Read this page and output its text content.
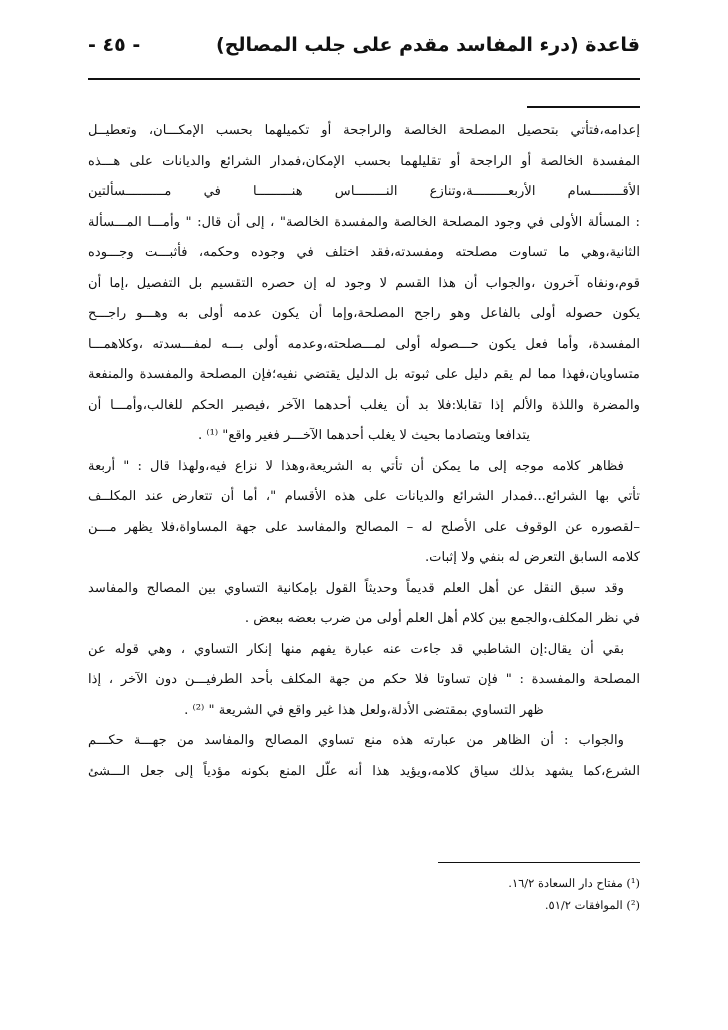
قاعدة (درء المفاسد مقدم على جلب المصالح)
- ٤٥ -
إعدامه،فتأتي بتحصيل المصلحة الخالصة والراجحة أو تكميلهما بحسب الإمكـــان، وتعطيــل
المفسدة الخالصة أو الراجحة أو تقليلهما بحسب الإمكان،فمدار الشرائع والديانات على هـــذه
الأقــــــــسام الأربعـــــــــة،وتنازع النــــــــاس هنـــــــــا في مــــــــــسألتين
: المسألة الأولى في وجود المصلحة الخالصة والمفسدة الخالصة" ، إلى أن قال: " وأمـــا المـــسألة
الثانية،وهي ما تساوت مصلحته ومفسدته،فقد اختلف في وجوده وحكمه، فأثبـــت وجـــوده
قوم،ونفاه آخرون ،والجواب أن هذا القسم لا وجود له إن حصره التقسيم بل التفصيل ،إما أن
يكون حصوله أولى بالفاعل وهو راجح المصلحة،وإما أن يكون عدمه أولى به وهـــو راجـــح
المفسدة، وأما فعل يكون حـــصوله أولى لمـــصلحته،وعدمه أولى بـــه لمفـــسدته ،وكلاهمـــا
متساويان،فهذا مما لم يقم دليل على ثبوته بل الدليل يقتضي نفيه؛فإن المصلحة والمفسدة والمنفعة
والمضرة واللذة والألم إذا تقابلا:فلا بد أن يغلب أحدهما الآخر ،فيصير الحكم للغالب،وأمـــا أن
يتدافعا ويتصادما بحيث لا يغلب أحدهما الآخـــر فغير واقع" ⁽¹⁾ .
فظاهر كلامه موجه إلى ما يمكن أن تأتي به الشريعة،وهذا لا نزاع فيه،ولهذا قال : " أربعة
تأتي بها الشرائع...فمدار الشرائع والديانات على هذه الأقسام "، أما أن تتعارض عند المكلــف
–لقصوره عن الوقوف على الأصلح له – المصالح والمفاسد على جهة المساواة،فلا يظهر مـــن
كلامه السابق التعرض له بنفي ولا إثبات.
وقد سبق النقل عن أهل العلم قديماً وحديثاً القول بإمكانية التساوي بين المصالح والمفاسد
في نظر المكلف،والجمع بين كلام أهل العلم أولى من ضرب بعضه ببعض .
بقي أن يقال:إن الشاطبي قد جاءت عنه عبارة يفهم منها إنكار التساوي ، وهي قوله عن
المصلحة والمفسدة : " فإن تساوتا فلا حكم من جهة المكلف بأحد الطرفيـــن دون الآخر ، إذا
ظهر التساوي بمقتضى الأدلة،ولعل هذا غير واقع في الشريعة " ⁽²⁾ .
والجواب : أن الظاهر من عبارته هذه منع تساوي المصالح والمفاسد من جهـــة حكـــم
الشرع،كما يشهد بذلك سياق كلامه،ويؤيد هذا أنه علّل المنع بكونه مؤدياً إلى جعل الـــشئ
(¹) مفتاح دار السعادة ١٦/٢.
(²) الموافقات ٥١/٢.
